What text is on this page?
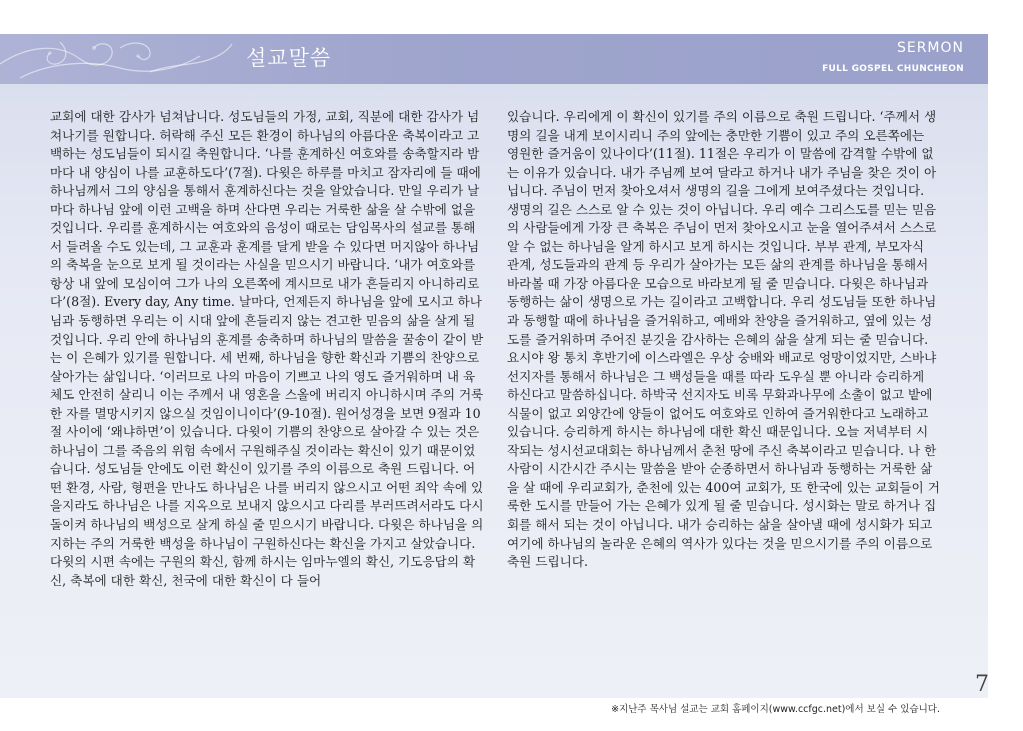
설교말씀	SERMON
FULL GOSPEL CHUNCHEON

교회에 대한 감사가 넘쳐납니다. 성도님들의 가정, 교회, 직분에 대한 감사가 넘쳐나기를 원합니다. 허락해 주신 모든 환경이 하나님의 아름다운 축복이라고 고백하는 성도님들이 되시길 축원합니다. ‘나를 훈계하신 여호와를 송축할지라 밤마다 내 양심이 나를 교훈하도다’(7절). 다윗은 하루를 마치고 잠자리에 들 때에 하나님께서 그의 양심을 통해서 훈계하신다는 것을 알았습니다. 만일 우리가 날마다 하나님 앞에 이런 고백을 하며 산다면 우리는 거룩한 삶을 살 수밖에 없을 것입니다. 우리를 훈계하시는 여호와의 음성이 때로는 담임목사의 설교를 통해서 들려올 수도 있는데, 그 교훈과 훈계를 달게 받을 수 있다면 머지않아 하나님의 축복을 눈으로 보게 될 것이라는 사실을 믿으시기 바랍니다. ‘내가 여호와를 항상 내 앞에 모심이여 그가 나의 오른쪽에 계시므로 내가 흔들리지 아니하리로다’(8절). Every day, Any time. 날마다, 언제든지 하나님을 앞에 모시고 하나님과 동행하면 우리는 이 시대 앞에 흔들리지 않는 견고한 믿음의 삶을 살게 될 것입니다. 우리 안에 하나님의 훈계를 송축하며 하나님의 말씀을 꿀송이 같이 받는 이 은혜가 있기를 원합니다. 세 번째, 하나님을 향한 확신과 기쁨의 찬양으로 살아가는 삶입니다. ‘이러므로 나의 마음이 기쁘고 나의 영도 즐거워하며 내 육체도 안전히 살리니 이는 주께서 내 영혼을 스올에 버리지 아니하시며 주의 거룩한 자를 멸망시키지 않으실 것임이니이다’(9-10절). 원어성경을 보면 9절과 10절 사이에 ‘왜냐하면’이 있습니다. 다윗이 기쁨의 찬양으로 살아갈 수 있는 것은 하나님이 그를 죽음의 위험 속에서 구원해주실 것이라는 확신이 있기 때문이었습니다. 성도님들 안에도 이런 확신이 있기를 주의 이름으로 축원 드립니다. 어떤 환경, 사람, 형편을 만나도 하나님은 나를 버리지 않으시고 어떤 죄악 속에 있을지라도 하나님은 나를 지옥으로 보내지 않으시고 다리를 부러뜨려서라도 다시 돌이켜 하나님의 백성으로 살게 하실 줄 믿으시기 바랍니다. 다윗은 하나님을 의지하는 주의 거룩한 백성을 하나님이 구원하신다는 확신을 가지고 살았습니다. 다윗의 시편 속에는 구원의 확신, 함께 하시는 임마누엘의 확신, 기도응답의 확신, 축복에 대한 확신, 천국에 대한 확신이 다 들어

있습니다. 우리에게 이 확신이 있기를 주의 이름으로 축원 드립니다. ‘주께서 생명의 길을 내게 보이시리니 주의 앞에는 충만한 기쁨이 있고 주의 오른쪽에는 영원한 즐거움이 있나이다’(11절). 11절은 우리가 이 말씀에 감격할 수밖에 없는 이유가 있습니다. 내가 주님께 보여 달라고 하거나 내가 주님을 찾은 것이 아닙니다. 주님이 먼저 찾아오셔서 생명의 길을 그에게 보여주셨다는 것입니다. 생명의 길은 스스로 알 수 있는 것이 아닙니다. 우리 예수 그리스도를 믿는 믿음의 사람들에게 가장 큰 축복은 주님이 먼저 찾아오시고 눈을 열어주셔서 스스로 알 수 없는 하나님을 알게 하시고 보게 하시는 것입니다. 부부 관계, 부모자식 관계, 성도들과의 관계 등 우리가 살아가는 모든 삶의 관계를 하나님을 통해서 바라볼 때 가장 아름다운 모습으로 바라보게 될 줄 믿습니다. 다윗은 하나님과 동행하는 삶이 생명으로 가는 길이라고 고백합니다. 우리 성도님들 또한 하나님과 동행할 때에 하나님을 즐거워하고, 예배와 찬양을 즐거워하고, 옆에 있는 성도를 즐거워하며 주어진 분깃을 감사하는 은혜의 삶을 살게 되는 줄 믿습니다. 요시야 왕 통치 후반기에 이스라엘은 우상 숭배와 배교로 엉망이었지만, 스바냐 선지자를 통해서 하나님은 그 백성들을 때를 따라 도우실 뿐 아니라 승리하게 하신다고 말씀하십니다. 하박국 선지자도 비록 무화과나무에 소출이 없고 밭에 식물이 없고 외양간에 양들이 없어도 여호와로 인하여 즐거워한다고 노래하고 있습니다. 승리하게 하시는 하나님에 대한 확신 때문입니다. 오늘 저녁부터 시작되는 성시선교대회는 하나님께서 춘천 땅에 주신 축복이라고 믿습니다. 나 한사람이 시간시간 주시는 말씀을 받아 순종하면서 하나님과 동행하는 거룩한 삶을 살 때에 우리교회가, 춘천에 있는 400여 교회가, 또 한국에 있는 교회들이 거룩한 도시를 만들어 가는 은혜가 있게 될 줄 믿습니다. 성시화는 말로 하거나 집회를 해서 되는 것이 아닙니다. 내가 승리하는 삶을 살아낼 때에 성시화가 되고 여기에 하나님의 놀라운 은혜의 역사가 있다는 것을 믿으시기를 주의 이름으로 축원 드립니다.

7
※지난주 목사님 설교는 교회 홈페이지(www.ccfgc.net)에서 보실 수 있습니다.
